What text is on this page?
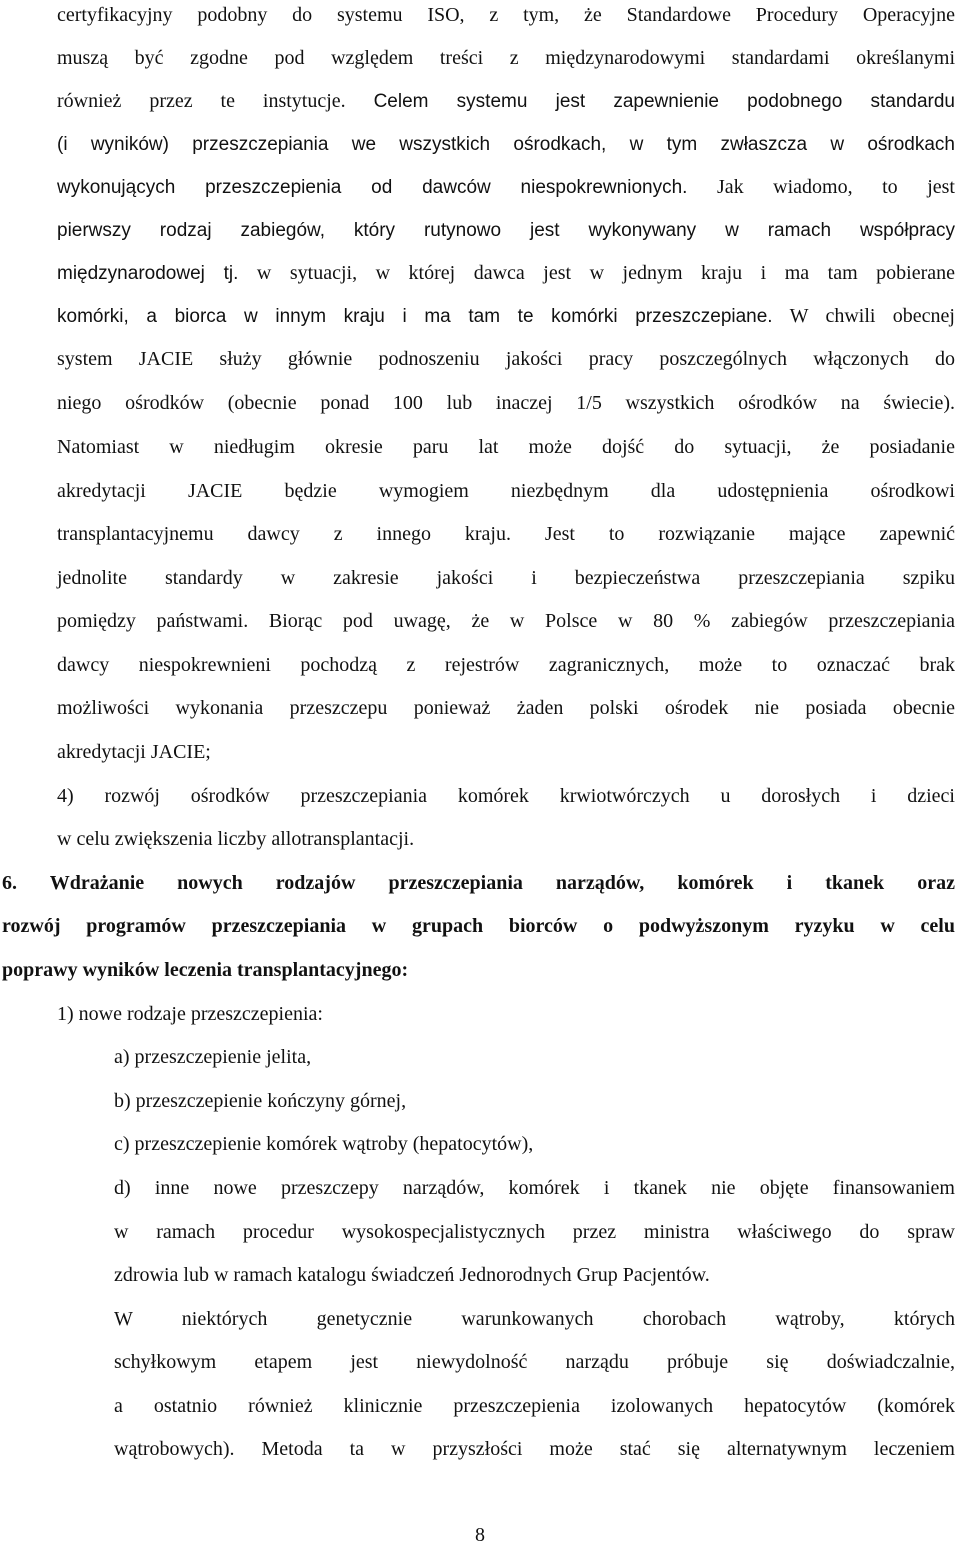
certyfikacyjny podobny do systemu ISO, z tym, że Standardowe Procedury Operacyjne
muszą być zgodne pod względem treści z międzynarodowymi standardami określanymi
również przez te instytucje. Celem systemu jest zapewnienie podobnego standardu
(i wyników) przeszczepiania we wszystkich ośrodkach, w tym zwłaszcza w ośrodkach
wykonujących przeszczepienia od dawców niespokrewnionych. Jak wiadomo, to jest
pierwszy rodzaj zabiegów, który rutynowo jest wykonywany w ramach współpracy
międzynarodowej tj. w sytuacji, w której dawca jest w jednym kraju i ma tam pobierane
komórki, a biorca w innym kraju i ma tam te komórki przeszczepiane. W chwili obecnej
system JACIE służy głównie podnoszeniu jakości pracy poszczególnych włączonych do
niego ośrodków (obecnie ponad 100 lub inaczej 1/5 wszystkich ośrodków na świecie).
Natomiast w niedługim okresie paru lat może dojść do sytuacji, że posiadanie
akredytacji JACIE będzie wymogiem niezbędnym dla udostępnienia ośrodkowi
transplantacyjnemu dawcy z innego kraju. Jest to rozwiązanie mające zapewnić
jednolite standardy w zakresie jakości i bezpieczeństwa przeszczepiania szpiku
pomiędzy państwami. Biorąc pod uwagę, że w Polsce w 80 % zabiegów przeszczepiania
dawcy niespokrewnieni pochodzą z rejestrów zagranicznych, może to oznaczać brak
możliwości wykonania przeszczepu ponieważ żaden polski ośrodek nie posiada obecnie
akredytacji JACIE;
4) rozwój ośrodków przeszczepiania komórek krwiotwórczych u dorosłych i dzieci
w celu zwiększenia liczby allotransplantacji.
6. Wdrażanie nowych rodzajów przeszczepiania narządów, komórek i tkanek oraz
rozwój programów przeszczepiania w grupach biorców o podwyższonym ryzyku w celu
poprawy wyników leczenia transplantacyjnego:
1) nowe rodzaje przeszczepienia:
a) przeszczepienie jelita,
b) przeszczepienie kończyny górnej,
c) przeszczepienie komórek wątroby (hepatocytów),
d) inne nowe przeszczepy narządów, komórek i tkanek nie objęte finansowaniem
w ramach procedur wysokospecjalistycznych przez ministra właściwego do spraw
zdrowia lub w ramach katalogu świadczeń Jednorodnych Grup Pacjentów.
W niektórych genetycznie warunkowanych chorobach wątroby, których
schyłkowym etapem jest niewydolność narządu próbuje się doświadczalnie,
a ostatnio również klinicznie przeszczepienia izolowanych hepatocytów (komórek
wątrobowych). Metoda ta w przyszłości może stać się alternatywnym leczeniem
8
